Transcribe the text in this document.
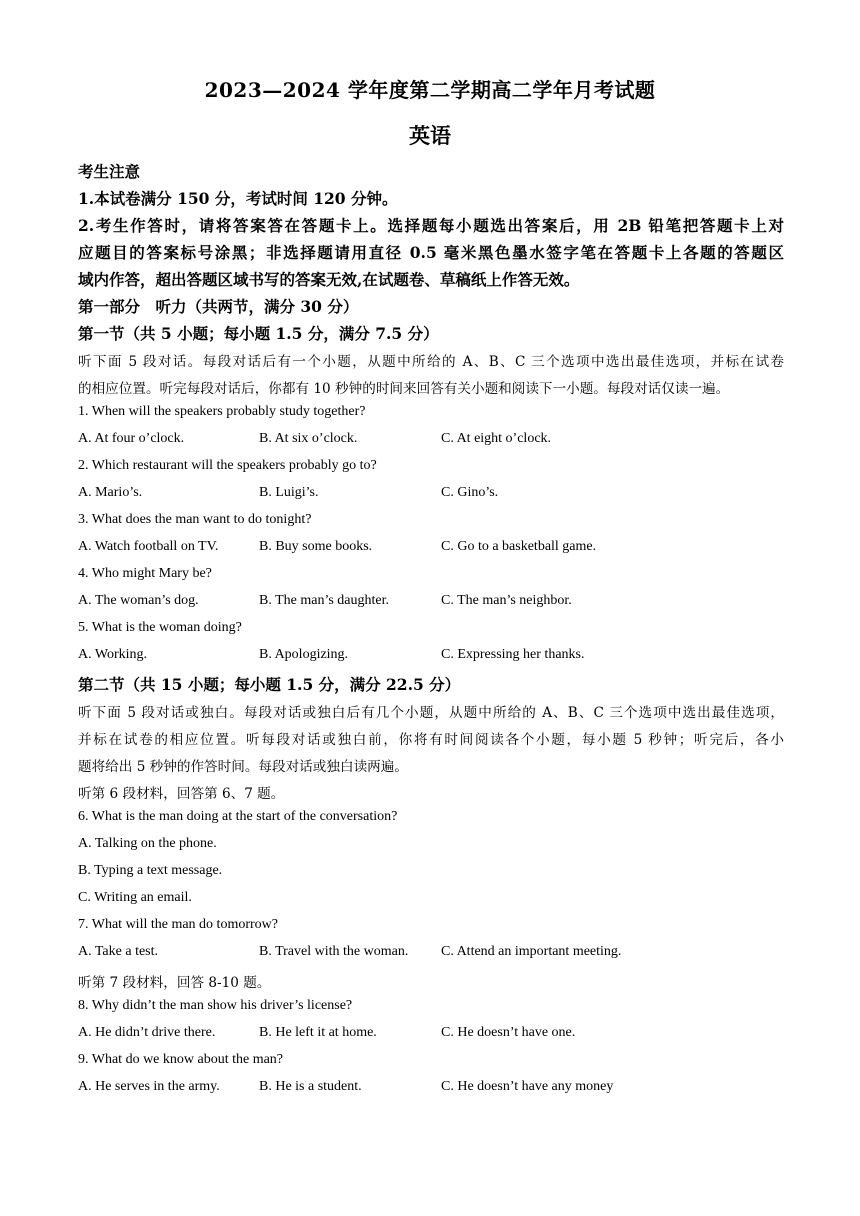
2023—2024 学年度第二学期高二学年月考试题
英语
考生注意
1.本试卷满分 150 分，考试时间 120 分钟。
2.考生作答时，请将答案答在答题卡上。选择题每小题选出答案后，用 2B 铅笔把答题卡上对
应题目的答案标号涂黑；非选择题请用直径 0.5 毫米黑色墨水签字笔在答题卡上各题的答题区
域内作答，超出答题区域书写的答案无效,在试题卷、草稿纸上作答无效。
第一部分　听力（共两节，满分 30 分）
第一节（共 5 小题；每小题 1.5 分，满分 7.5 分）
听下面 5 段对话。每段对话后有一个小题，从题中所给的 A、B、C 三个选项中选出最佳选项，并标在试卷
的相应位置。听完每段对话后，你都有 10 秒钟的时间来回答有关小题和阅读下一小题。每段对话仅读一遍。
1. When will the speakers probably study together?
A. At four o’clock.	B. At six o’clock.	C. At eight o’clock.
2. Which restaurant will the speakers probably go to?
A. Mario’s.	B. Luigi’s.	C. Gino’s.
3. What does the man want to do tonight?
A. Watch football on TV.	B. Buy some books.	C. Go to a basketball game.
4. Who might Mary be?
A. The woman’s dog.	B. The man’s daughter.	C. The man’s neighbor.
5. What is the woman doing?
A. Working.	B. Apologizing.	C. Expressing her thanks.
第二节（共 15 小题；每小题 1.5 分，满分 22.5 分）
听下面 5 段对话或独白。每段对话或独白后有几个小题，从题中所给的 A、B、C 三个选项中选出最佳选项，
并标在试卷的相应位置。听每段对话或独白前，你将有时间阅读各个小题，每小题 5 秒钟；听完后，各小
题将给出 5 秒钟的作答时间。每段对话或独白读两遍。
听第 6 段材料，回答第 6、7 题。
6. What is the man doing at the start of the conversation?
A. Talking on the phone.
B. Typing a text message.
C. Writing an email.
7. What will the man do tomorrow?
A. Take a test.	B. Travel with the woman. C. Attend an important meeting.
听第 7 段材料，回答 8-10 题。
8. Why didn’t the man show his driver’s license?
A. He didn’t drive there.	B. He left it at home.	C. He doesn’t have one.
9. What do we know about the man?
A. He serves in the army.	B. He is a student.	C. He doesn’t have any money
